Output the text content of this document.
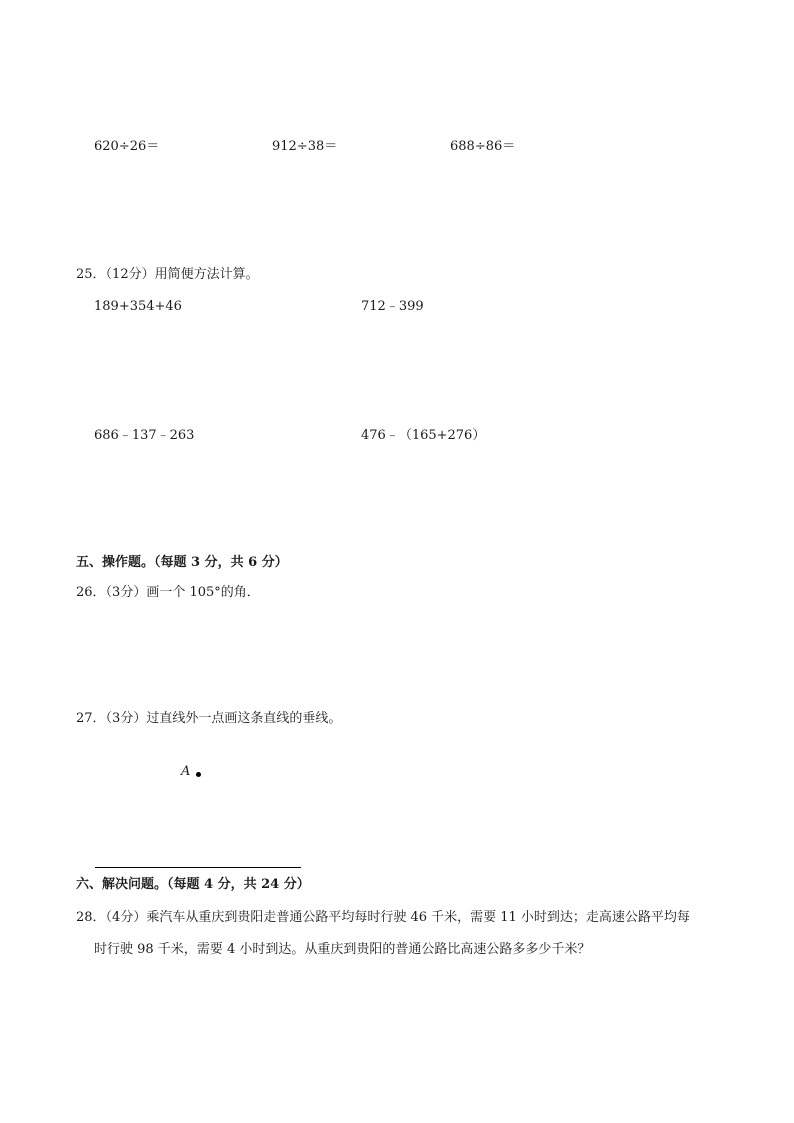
620÷26＝	912÷38＝	688÷86＝
25．（12分）用简便方法计算。
189+354+46	712﹣399
686﹣137﹣263	476﹣（165+276）
五、操作题。（每题 3 分，共 6 分）
26．（3分）画一个 105°的角．
27．（3分）过直线外一点画这条直线的垂线。
A
六、解决问题。（每题 4 分，共 24 分）
28．（4分）乘汽车从重庆到贵阳走普通公路平均每时行驶 46 千米，需要 11 小时到达；走高速公路平均每
时行驶 98 千米，需要 4 小时到达。从重庆到贵阳的普通公路比高速公路多多少千米？
